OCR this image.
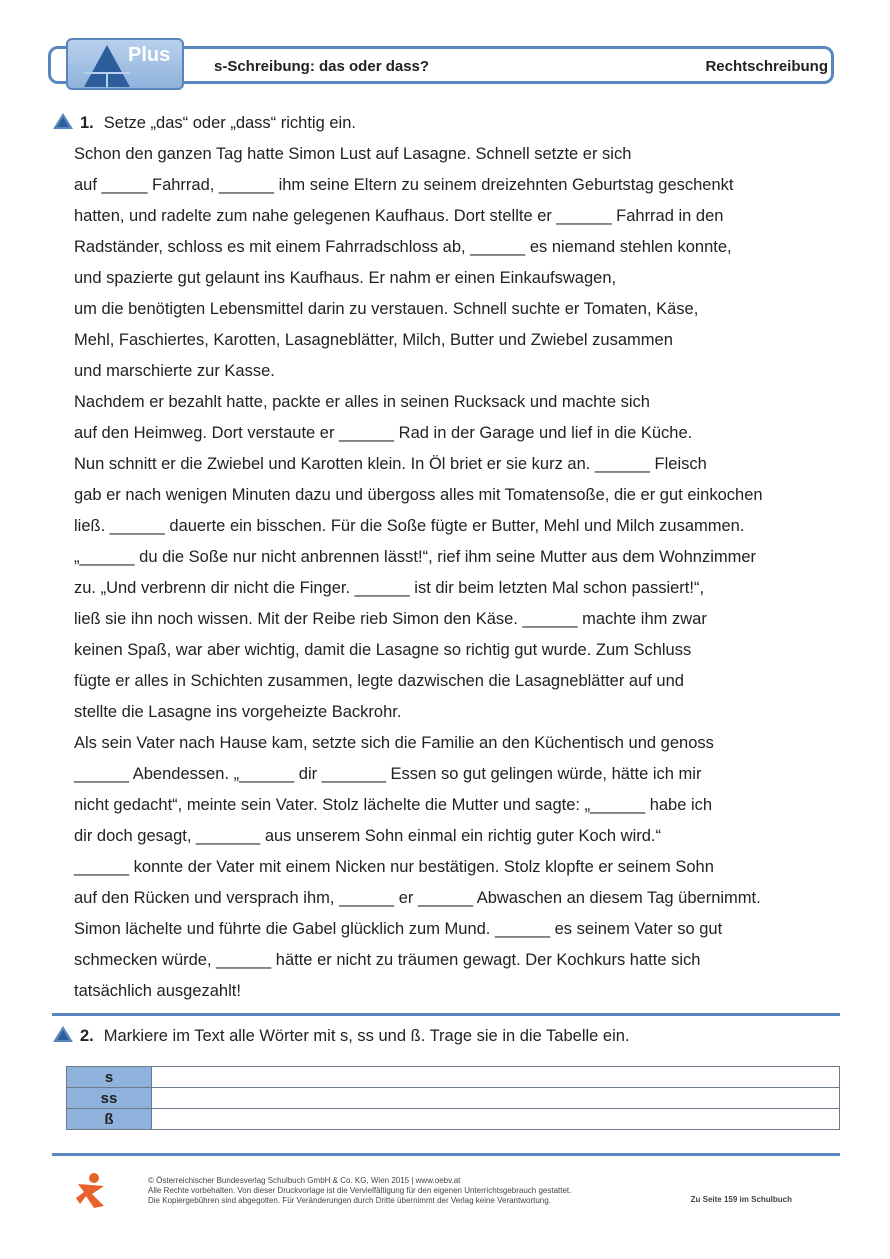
Plus
s-Schreibung: das oder dass?	Rechtschreibung
1. Setze „das“ oder „dass“ richtig ein.
Schon den ganzen Tag hatte Simon Lust auf Lasagne. Schnell setzte er sich
auf _____ Fahrrad, ______ ihm seine Eltern zu seinem dreizehnten Geburtstag geschenkt
hatten, und radelte zum nahe gelegenen Kaufhaus. Dort stellte er ______ Fahrrad in den
Radständer, schloss es mit einem Fahrradschloss ab, ______ es niemand stehlen konnte,
und spazierte gut gelaunt ins Kaufhaus. Er nahm er einen Einkaufswagen,
um die benötigten Lebensmittel darin zu verstauen. Schnell suchte er Tomaten, Käse,
Mehl, Faschiertes, Karotten, Lasagneblätter, Milch, Butter und Zwiebel zusammen
und marschierte zur Kasse.
Nachdem er bezahlt hatte, packte er alles in seinen Rucksack und machte sich
auf den Heimweg. Dort verstaute er ______ Rad in der Garage und lief in die Küche.
Nun schnitt er die Zwiebel und Karotten klein. In Öl briet er sie kurz an. ______ Fleisch
gab er nach wenigen Minuten dazu und übergoss alles mit Tomatensoße, die er gut einkochen
ließ. ______ dauerte ein bisschen. Für die Soße fügte er Butter, Mehl und Milch zusammen.
„______ du die Soße nur nicht anbrennen lässt!“, rief ihm seine Mutter aus dem Wohnzimmer
zu. „Und verbrenn dir nicht die Finger. ______ ist dir beim letzten Mal schon passiert!“,
ließ sie ihn noch wissen. Mit der Reibe rieb Simon den Käse. ______ machte ihm zwar
keinen Spaß, war aber wichtig, damit die Lasagne so richtig gut wurde. Zum Schluss
fügte er alles in Schichten zusammen, legte dazwischen die Lasagneblätter auf und
stellte die Lasagne ins vorgeheizte Backrohr.
Als sein Vater nach Hause kam, setzte sich die Familie an den Küchentisch und genoss
______ Abendessen. „______ dir _______ Essen so gut gelingen würde, hätte ich mir
nicht gedacht“, meinte sein Vater. Stolz lächelte die Mutter und sagte: „______ habe ich
dir doch gesagt, _______ aus unserem Sohn einmal ein richtig guter Koch wird.“
______ konnte der Vater mit einem Nicken nur bestätigen. Stolz klopfte er seinem Sohn
auf den Rücken und versprach ihm, ______ er ______ Abwaschen an diesem Tag übernimmt.
Simon lächelte und führte die Gabel glücklich zum Mund. ______ es seinem Vater so gut
schmecken würde, ______ hätte er nicht zu träumen gewagt. Der Kochkurs hatte sich
tatsächlich ausgezahlt!
2. Markiere im Text alle Wörter mit s, ss und ß. Trage sie in die Tabelle ein.
s	
ss	
ß	
© Österreichischer Bundesverlag Schulbuch GmbH & Co. KG, Wien 2015 | www.oebv.at
Alle Rechte vorbehalten. Von dieser Druckvorlage ist die Vervielfältigung für den eigenen Unterrichtsgebrauch gestattet.
Die Kopiergebühren sind abgegolten. Für Veränderungen durch Dritte übernimmt der Verlag keine Verantwortung.	Zu Seite 159 im Schulbuch
